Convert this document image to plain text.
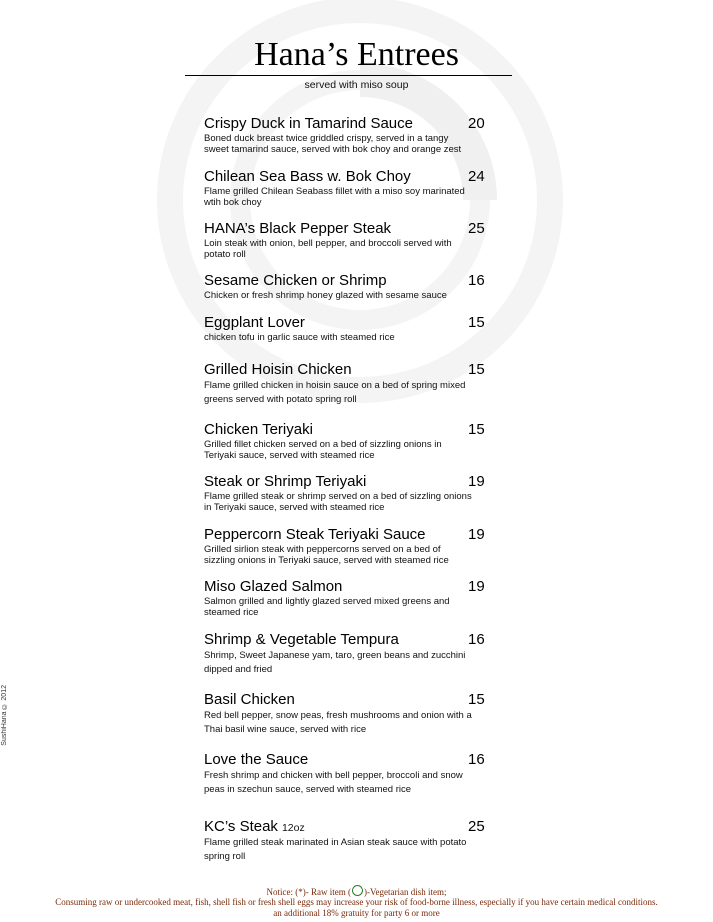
Hana’s Entrees
served with miso soup
Crispy Duck in Tamarind Sauce	20
Boned duck breast twice griddled crispy, served in a tangy sweet tamarind sauce, served with bok choy and orange zest
Chilean Sea Bass w. Bok Choy	24
Flame grilled Chilean Seabass fillet with a miso soy marinated wtih bok choy
HANA’s Black Pepper Steak	25
Loin steak with onion, bell pepper, and broccoli served with potato roll
Sesame Chicken or Shrimp	16
Chicken or fresh shrimp honey glazed with sesame sauce
Eggplant Lover	15
chicken tofu in garlic sauce with steamed rice
Grilled Hoisin Chicken	15
Flame grilled chicken in hoisin sauce on a bed of spring mixed greens served with potato spring roll
Chicken Teriyaki	15
Grilled fillet chicken served on a bed of sizzling onions in Teriyaki sauce, served with steamed rice
Steak or Shrimp Teriyaki	19
Flame grilled steak or shrimp served on a bed of sizzling onions in Teriyaki sauce, served with steamed rice
Peppercorn Steak Teriyaki Sauce	19
Grilled sirlion steak with peppercorns served on a bed of sizzling onions in Teriyaki sauce, served with steamed rice
Miso Glazed Salmon	19
Salmon grilled and lightly glazed served mixed greens and steamed rice
Shrimp & Vegetable Tempura	16
Shrimp, Sweet Japanese yam, taro, green beans and zucchini dipped and fried
Basil Chicken	15
Red bell pepper, snow peas, fresh mushrooms and onion with a Thai basil wine sauce, served with rice
Love the Sauce	16
Fresh shrimp and chicken with bell pepper, broccoli and snow peas in szechun sauce, served with steamed rice
KC’s Steak 12oz	25
Flame grilled steak marinated in Asian steak sauce with potato spring roll
SushiHana © 2012
Notice: (*)- Raw item ( )-Vegetarian dish item;
Consuming raw or undercooked meat, fish, shell fish or fresh shell eggs may increase your risk of food-borne illness, especially if you have certain medical conditions.
an additional 18% gratuity for party 6 or more
